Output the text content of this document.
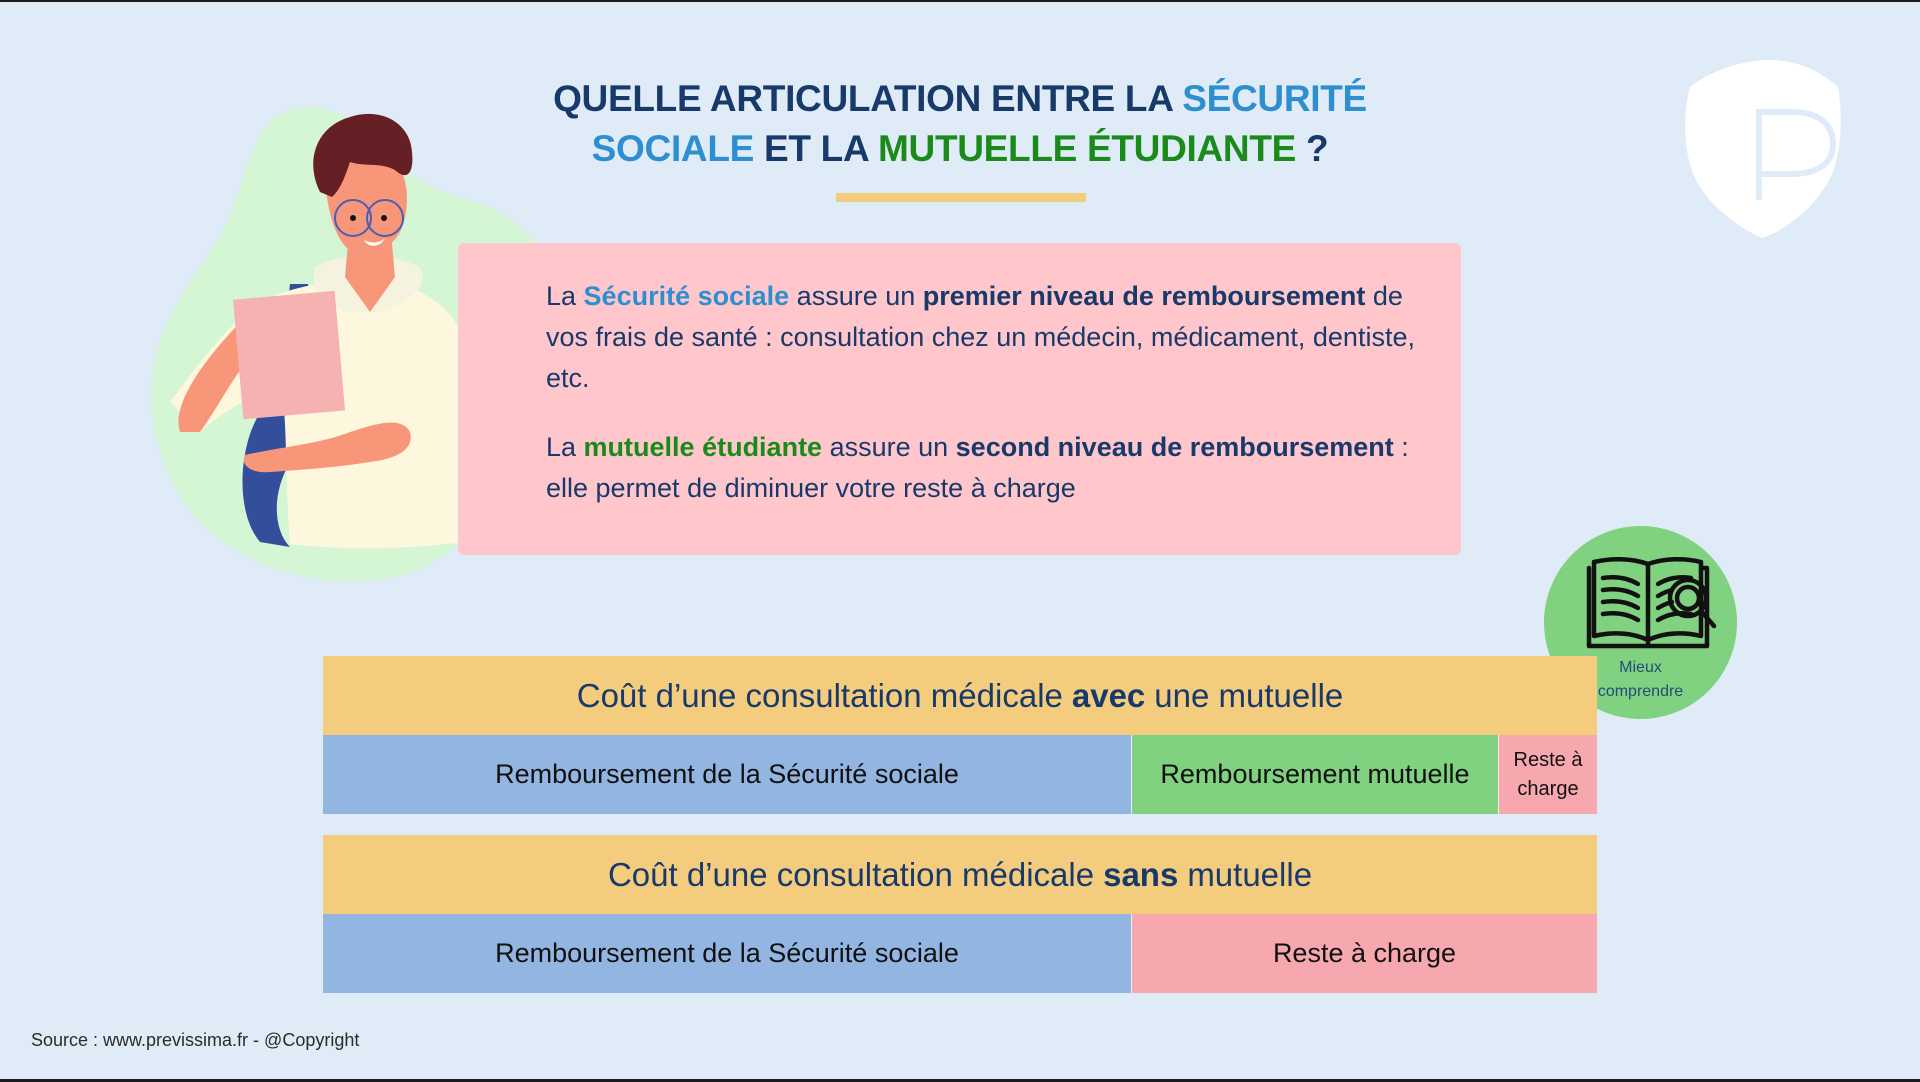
QUELLE ARTICULATION ENTRE LA SÉCURITÉ
SOCIALE ET LA MUTUELLE ÉTUDIANTE ?

La Sécurité sociale assure un premier niveau de remboursement de vos frais de santé : consultation chez un médecin, médicament, dentiste, etc.

La mutuelle étudiante assure un second niveau de remboursement : elle permet de diminuer votre reste à charge

Mieux
comprendre
Coût d’une consultation médicale avec une mutuelle
Remboursement de la Sécurité sociale	Remboursement mutuelle	Reste à
charge
Coût d’une consultation médicale sans mutuelle
Remboursement de la Sécurité sociale	Reste à charge
Source : www.previssima.fr - @Copyright
